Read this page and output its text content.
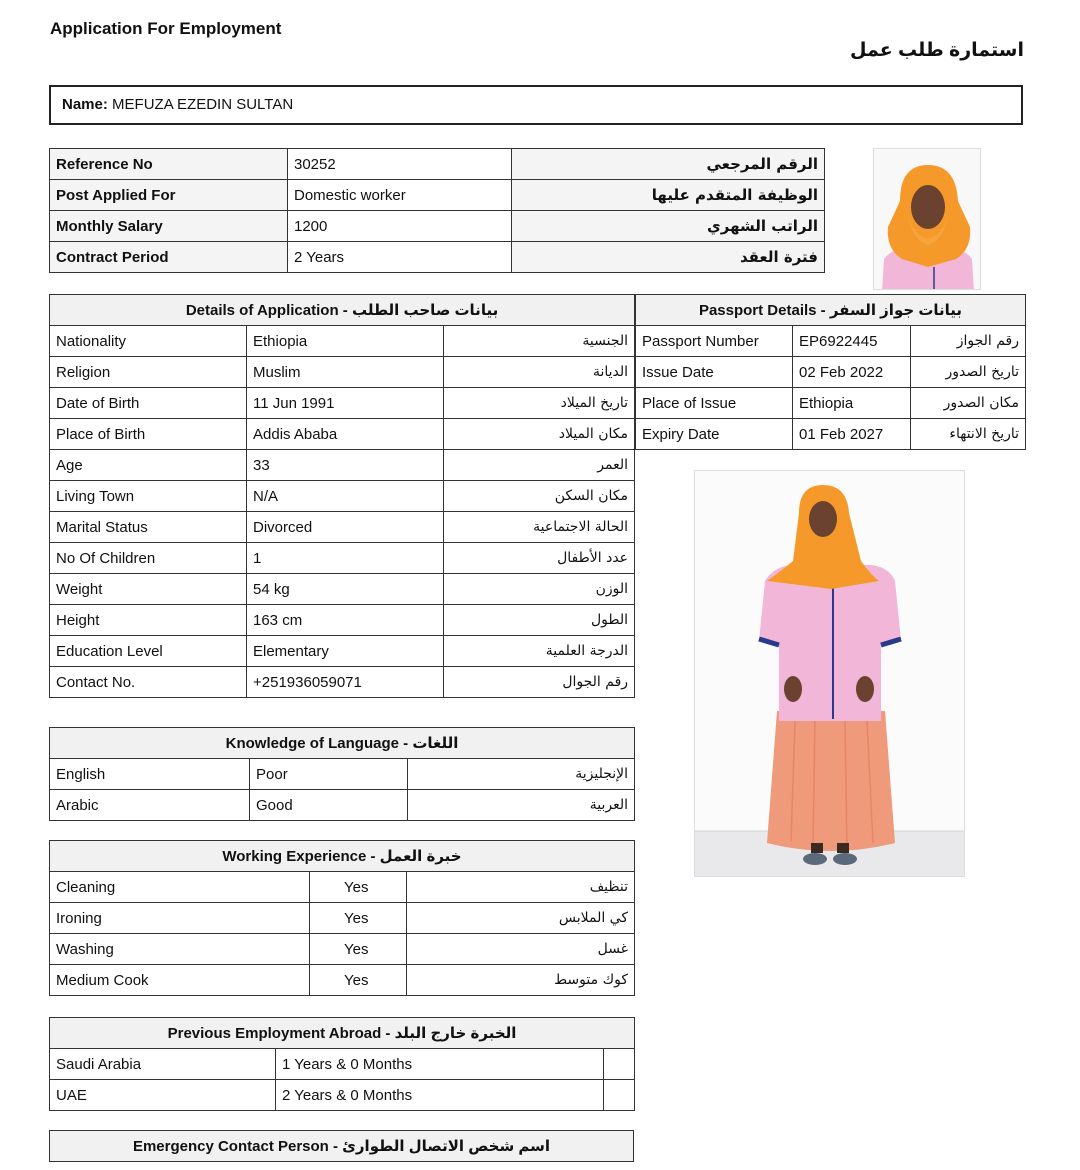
Application For Employment
استمارة طلب عمل
Name: MEFUZA EZEDIN SULTAN
Reference No	30252	الرقم المرجعي
Post Applied For	Domestic worker	الوظيفة المتقدم عليها
Monthly Salary	1200	الراتب الشهري
Contract Period	2 Years	فترة العقد
Details of Application - بيانات صاحب الطلب		
Nationality	Ethiopia	الجنسية
Religion	Muslim	الديانة
Date of Birth	11 Jun 1991	تاريخ الميلاد
Place of Birth	Addis Ababa	مكان الميلاد
Age	33	العمر
Living Town	N/A	مكان السكن
Marital Status	Divorced	الحالة الاجتماعية
No Of Children	1	عدد الأطفال
Weight	54 kg	الوزن
Height	163 cm	الطول
Education Level	Elementary	الدرجة العلمية
Contact No.	+251936059071	رقم الجوال
Passport Details - بيانات جواز السفر		
Passport Number	EP6922445	رقم الجواز
Issue Date	02 Feb 2022	تاريخ الصدور
Place of Issue	Ethiopia	مكان الصدور
Expiry Date	01 Feb 2027	تاريخ الانتهاء
Knowledge of Language - اللغات		
English	Poor	الإنجليزية
Arabic	Good	العربية
Working Experience - خبرة العمل		
Cleaning	Yes	تنظيف
Ironing	Yes	كي الملابس
Washing	Yes	غسل
Medium Cook	Yes	كوك متوسط
Previous Employment Abroad - الخبرة خارج البلد		
Saudi Arabia	1 Years & 0 Months	
UAE	2 Years & 0 Months	
Emergency Contact Person - اسم شخص الاتصال الطوارئ
